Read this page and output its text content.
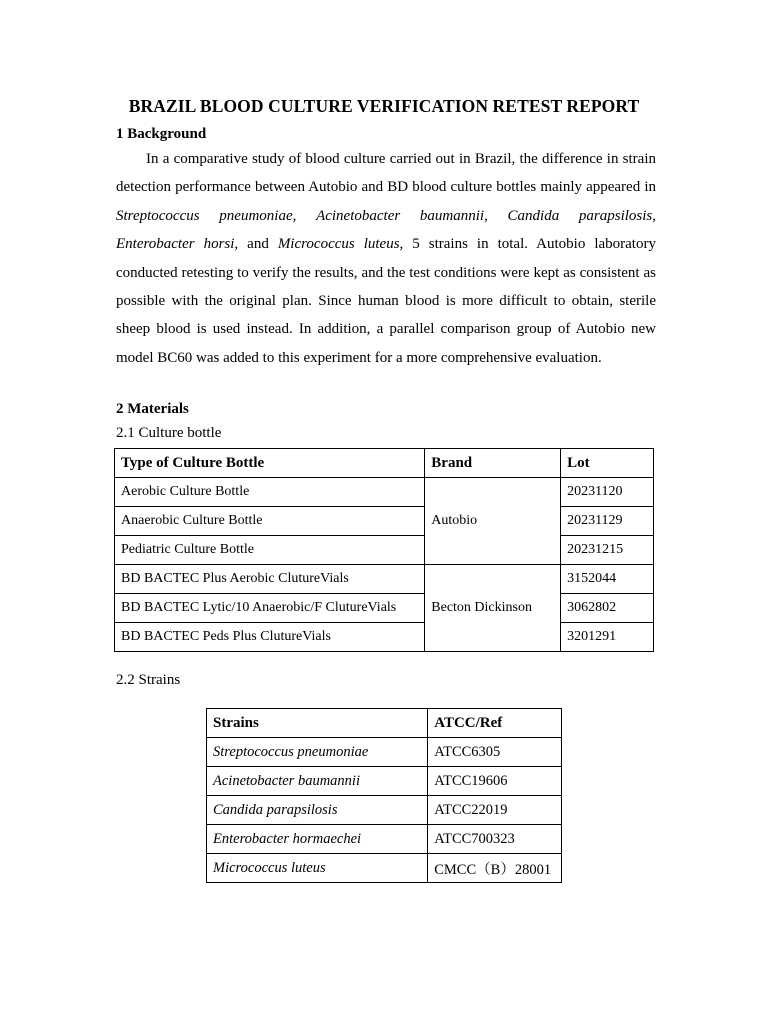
BRAZIL BLOOD CULTURE VERIFICATION RETEST REPORT
1 Background

In a comparative study of blood culture carried out in Brazil, the difference in strain detection performance between Autobio and BD blood culture bottles mainly appeared in Streptococcus pneumoniae, Acinetobacter baumannii, Candida parapsilosis, Enterobacter horsi, and Micrococcus luteus, 5 strains in total. Autobio laboratory conducted retesting to verify the results, and the test conditions were kept as consistent as possible with the original plan. Since human blood is more difficult to obtain, sterile sheep blood is used instead. In addition, a parallel comparison group of Autobio new model BC60 was added to this experiment for a more comprehensive evaluation.

2 Materials
2.1 Culture bottle
Type of Culture Bottle	Brand	Lot
Aerobic Culture Bottle	Autobio	20231120
Anaerobic Culture Bottle		20231129
Pediatric Culture Bottle		20231215
BD BACTEC Plus Aerobic ClutureVials	Becton Dickinson	3152044
BD BACTEC Lytic/10 Anaerobic/F ClutureVials		3062802
BD BACTEC Peds Plus ClutureVials		3201291
2.2 Strains
Strains	ATCC/Ref
Streptococcus pneumoniae	ATCC6305
Acinetobacter baumannii	ATCC19606
Candida parapsilosis	ATCC22019
Enterobacter hormaechei	ATCC700323
Micrococcus luteus	CMCC（B）28001
